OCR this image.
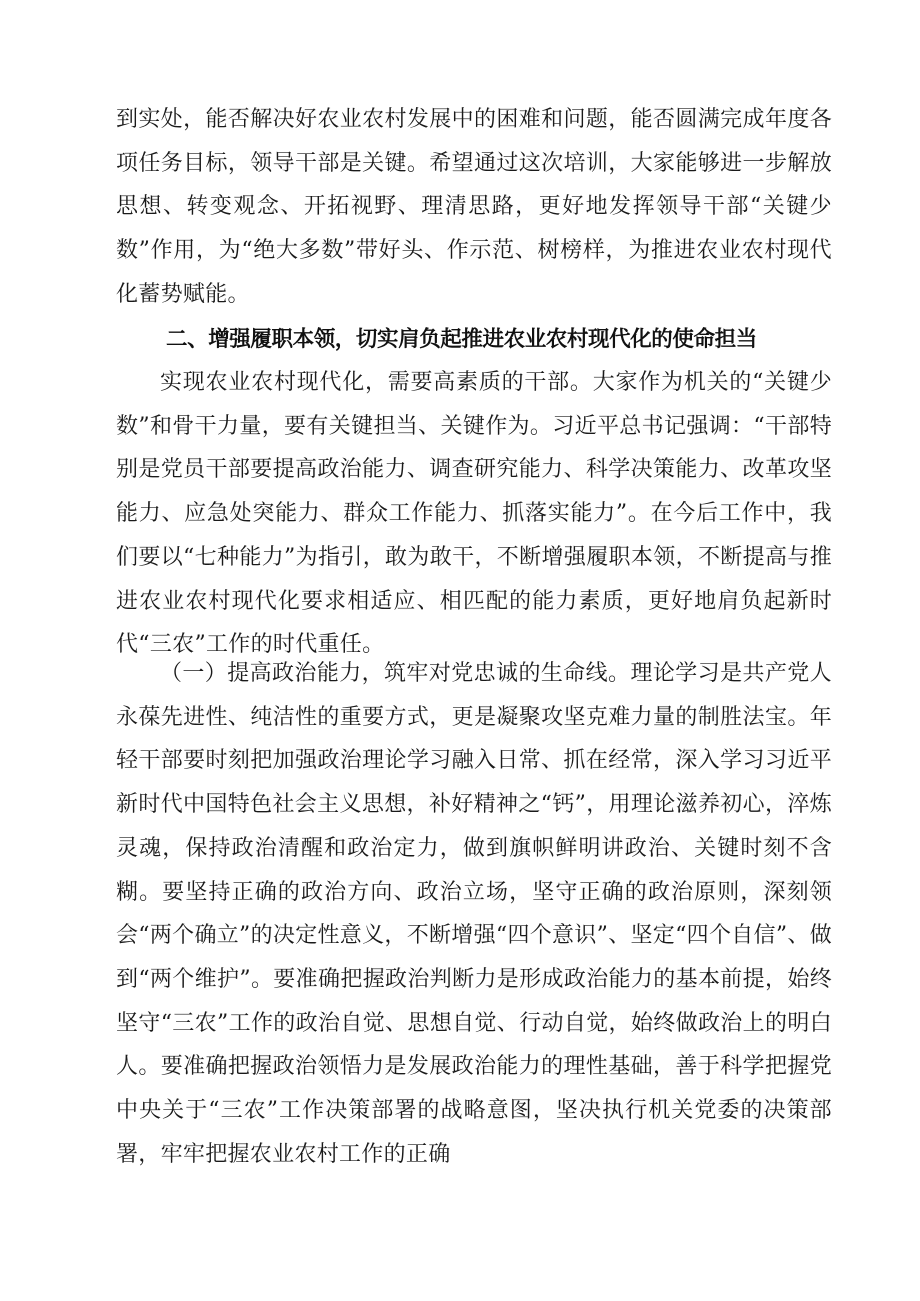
到实处，能否解决好农业农村发展中的困难和问题，能否圆满完成年度各项任务目标，领导干部是关键。希望通过这次培训，大家能够进一步解放思想、转变观念、开拓视野、理清思路，更好地发挥领导干部“关键少数”作用，为“绝大多数”带好头、作示范、树榜样，为推进农业农村现代化蓄势赋能。

二、增强履职本领，切实肩负起推进农业农村现代化的使命担当

实现农业农村现代化，需要高素质的干部。大家作为机关的“关键少数”和骨干力量，要有关键担当、关键作为。习近平总书记强调：“干部特别是党员干部要提高政治能力、调查研究能力、科学决策能力、改革攻坚能力、应急处突能力、群众工作能力、抓落实能力”。在今后工作中，我们要以“七种能力”为指引，敢为敢干，不断增强履职本领，不断提高与推进农业农村现代化要求相适应、相匹配的能力素质，更好地肩负起新时代“三农”工作的时代重任。

（一）提高政治能力，筑牢对党忠诚的生命线。理论学习是共产党人永葆先进性、纯洁性的重要方式，更是凝聚攻坚克难力量的制胜法宝。年轻干部要时刻把加强政治理论学习融入日常、抓在经常，深入学习习近平新时代中国特色社会主义思想，补好精神之“钙”，用理论滋养初心，淬炼灵魂，保持政治清醒和政治定力，做到旗帜鲜明讲政治、关键时刻不含糊。要坚持正确的政治方向、政治立场，坚守正确的政治原则，深刻领会“两个确立”的决定性意义，不断增强“四个意识”、坚定“四个自信”、做到“两个维护”。要准确把握政治判断力是形成政治能力的基本前提，始终坚守“三农”工作的政治自觉、思想自觉、行动自觉，始终做政治上的明白人。要准确把握政治领悟力是发展政治能力的理性基础，善于科学把握党中央关于“三农”工作决策部署的战略意图，坚决执行机关党委的决策部署，牢牢把握农业农村工作的正确
